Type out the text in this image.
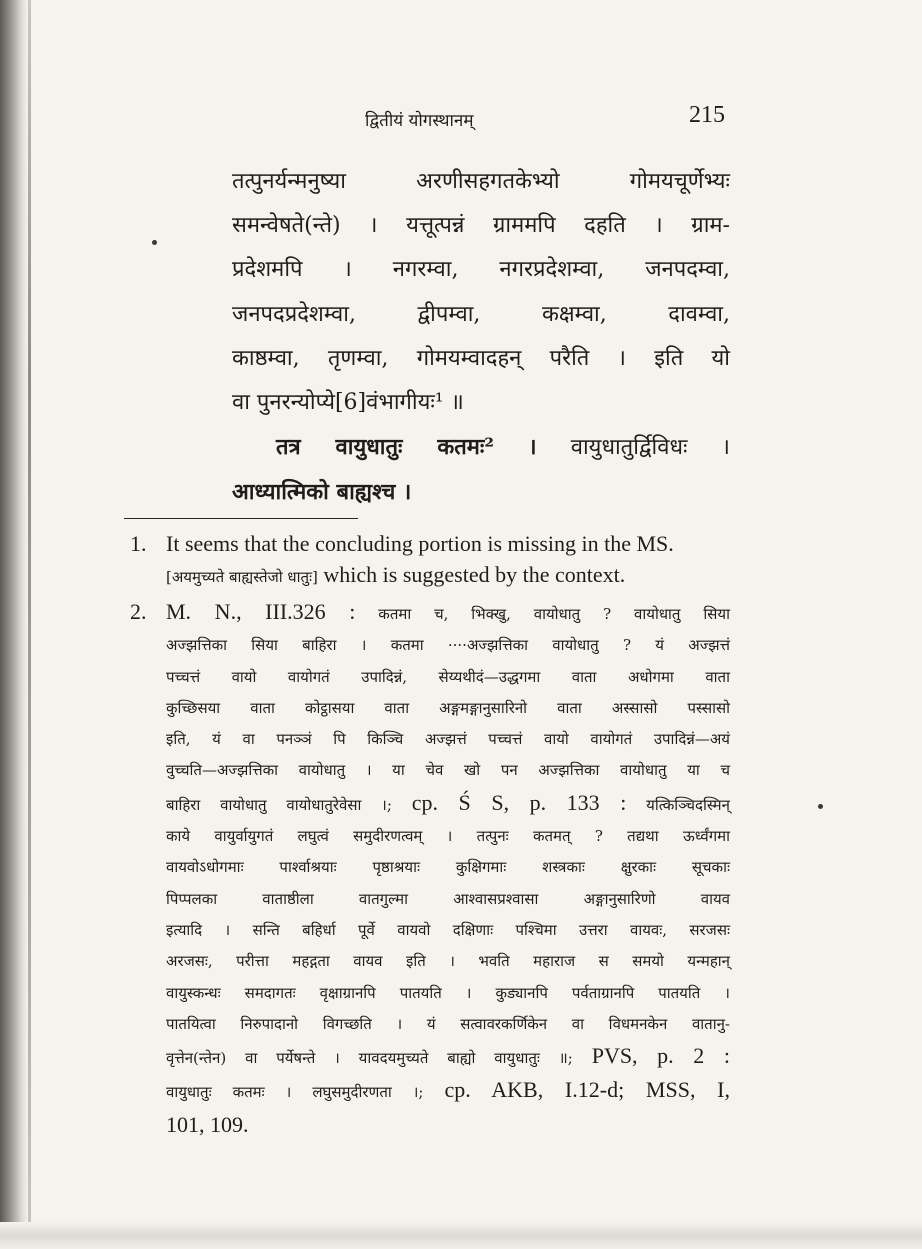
द्वितीयं योगस्थानम्	215
तत्पुनर्यन्मनुष्या अरणीसहगतकेभ्यो गोमयचूर्णेभ्यः
समन्वेषते(न्ते) । यत्तूत्पन्नं ग्राममपि दहति । ग्राम-
प्रदेशमपि । नगरम्वा, नगरप्रदेशम्वा, जनपदम्वा,
जनपदप्रदेशम्वा, द्वीपम्वा, कक्षम्वा, दावम्वा,
काष्ठम्वा, तृणम्वा, गोमयम्वादहन् परैति । इति यो
वा पुनरन्योप्ये[6]वंभागीयः¹ ॥
तत्र वायुधातुः कतमः² । वायुधातुर्द्विविधः ।
आध्यात्मिको बाह्यश्च ।
1. It seems that the concluding portion is missing in the MS. [अयमुच्यते बाह्यस्तेजो धातुः] which is suggested by the context.
2. M. N., III.326 : कतमा च, भिक्खु, वायोधातु ? वायोधातु सिया
अज्झत्तिका सिया बाहिरा । कतमा ····अज्झत्तिका वायोधातु ? यं अज्झत्तं
पच्चत्तं वायो वायोगतं उपादिन्नं, सेय्यथीदं—उद्धगमा वाता अधोगमा वाता
कुच्छिसया वाता कोट्ठासया वाता अङ्गमङ्गानुसारिनो वाता अस्सासो पस्सासो
इति, यं वा पनञ्ञं पि किञ्चि अज्झत्तं पच्चत्तं वायो वायोगतं उपादिन्नं—अयं
वुच्चति—अज्झत्तिका वायोधातु । या चेव खो पन अज्झत्तिका वायोधातु या च
बाहिरा वायोधातु वायोधातुरेवेसा ।; cp. Ś S, p. 133 : यत्किञ्चिदस्मिन्
काये वायुर्वायुगतं लघुत्वं समुदीरणत्वम् । तत्पुनः कतमत् ? तद्यथा ऊर्ध्वंगमा
वायवोऽधोगमाः पार्श्वाश्रयाः पृष्ठाश्रयाः कुक्षिगमाः शस्त्रकाः क्षुरकाः सूचकाः
पिप्पलका वाताष्ठीला वातगुल्मा आश्वासप्रश्वासा अङ्गानुसारिणो वायव
इत्यादि । सन्ति बहिर्धा पूर्वे वायवो दक्षिणाः पश्चिमा उत्तरा वायवः, सरजसः
अरजसः, परीत्ता महद्गता वायव इति । भवति महाराज स समयो यन्महान्
वायुस्कन्धः समदागतः वृक्षाग्रानपि पातयति । कुड्यानपि पर्वताग्रानपि पातयति ।
पातयित्वा निरुपादानो विगच्छति । यं सत्वावरकर्णिकेन वा विधमनकेन वातानु-
वृत्तेन(न्तेन) वा पर्येषन्ते । यावदयमुच्यते बाह्यो वायुधातुः ॥; PVS, p. 2 :
वायुधातुः कतमः । लघुसमुदीरणता ।; cp. AKB, I.12-d; MSS, I,
101, 109.
